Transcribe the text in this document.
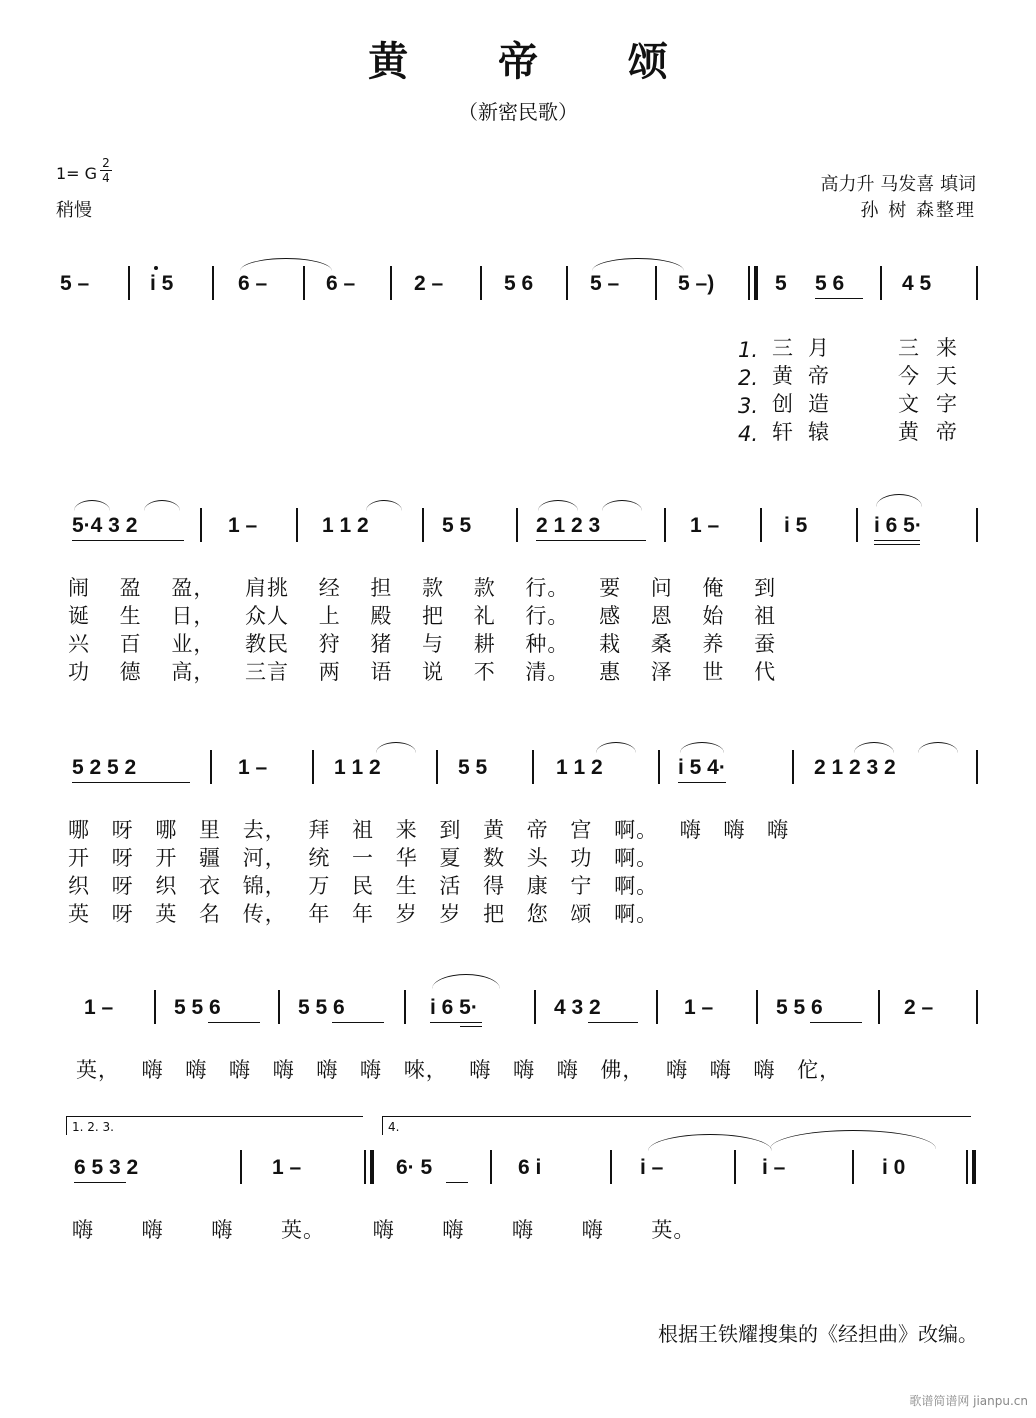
黄 帝 颂
（新密民歌）
1= G
2
4
稍慢
高力升 马发喜 填词
孙 树 森整理
5 –	i 5	6 –	6 –	2 –	5 6	5 –	5 –)	5 5 6	4 5
1. 三 月	三 来
2. 黄 帝	今 天
3. 创 造	文 字
4. 轩 辕	黄 帝
5·4 3 2	1 –	1 1 2	5 5	2 1 2 3	1 –	i 5	i 6 5·
闹 盈 盈， 肩挑 经 担 款 款 行。 要 问 俺 到
诞 生 日， 众人 上 殿 把 礼 行。 感 恩 始 祖
兴 百 业， 教民 狩 猪 与 耕 种。 栽 桑 养 蚕
功 德 高， 三言 两 语 说 不 清。 惠 泽 世 代
5 2 5 2	1 –	1 1 2	5 5	1 1 2	i 5 4·	2 1 2 3 2
哪 呀 哪 里 去， 拜 祖 来 到 黄 帝 宫 啊。 嗨 嗨 嗨
开 呀 开 疆 河， 统 一 华 夏 数 头 功 啊。
织 呀 织 衣 锦， 万 民 生 活 得 康 宁 啊。
英 呀 英 名 传， 年 年 岁 岁 把 您 颂 啊。
1 –	5 5 6	5 5 6	i 6 5·	4 3 2	1 –	5 5 6	2 –
英， 嗨 嗨 嗨 嗨 嗨 嗨 唻， 嗨 嗨 嗨 佛， 嗨 嗨 嗨 佗，
1. 2. 3.	4.
6 5 3 2	1 –	6· 5	6 i	i –	i –	i 0
嗨 嗨 嗨 英。 嗨 嗨 嗨 嗨 英。
根据王铁耀搜集的《经担曲》改编。
歌谱简谱网 jianpu.cn
